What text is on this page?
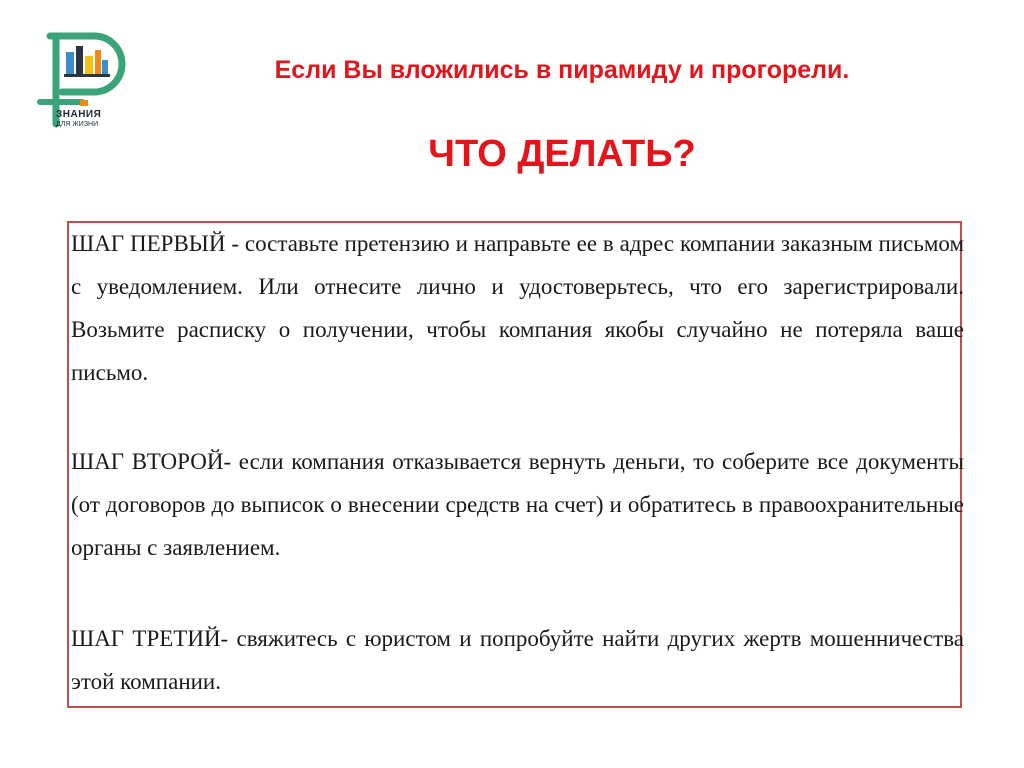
ЗНАНИЯ
ДЛЯ ЖИЗНИ
Если Вы вложились в пирамиду и прогорели.
ЧТО ДЕЛАТЬ?
ШАГ ПЕРВЫЙ - составьте претензию и направьте ее в адрес компании заказным письмом с уведомлением. Или отнесите лично и удостоверьтесь, что его зарегистрировали. Возьмите расписку о получении, чтобы компания якобы случайно не потеряла ваше письмо.
ШАГ ВТОРОЙ- если компания отказывается вернуть деньги, то соберите все документы (от договоров до выписок о внесении средств на счет) и обратитесь в правоохранительные органы с заявлением.
ШАГ ТРЕТИЙ- свяжитесь с юристом и попробуйте найти других жертв мошенничества этой компании.
